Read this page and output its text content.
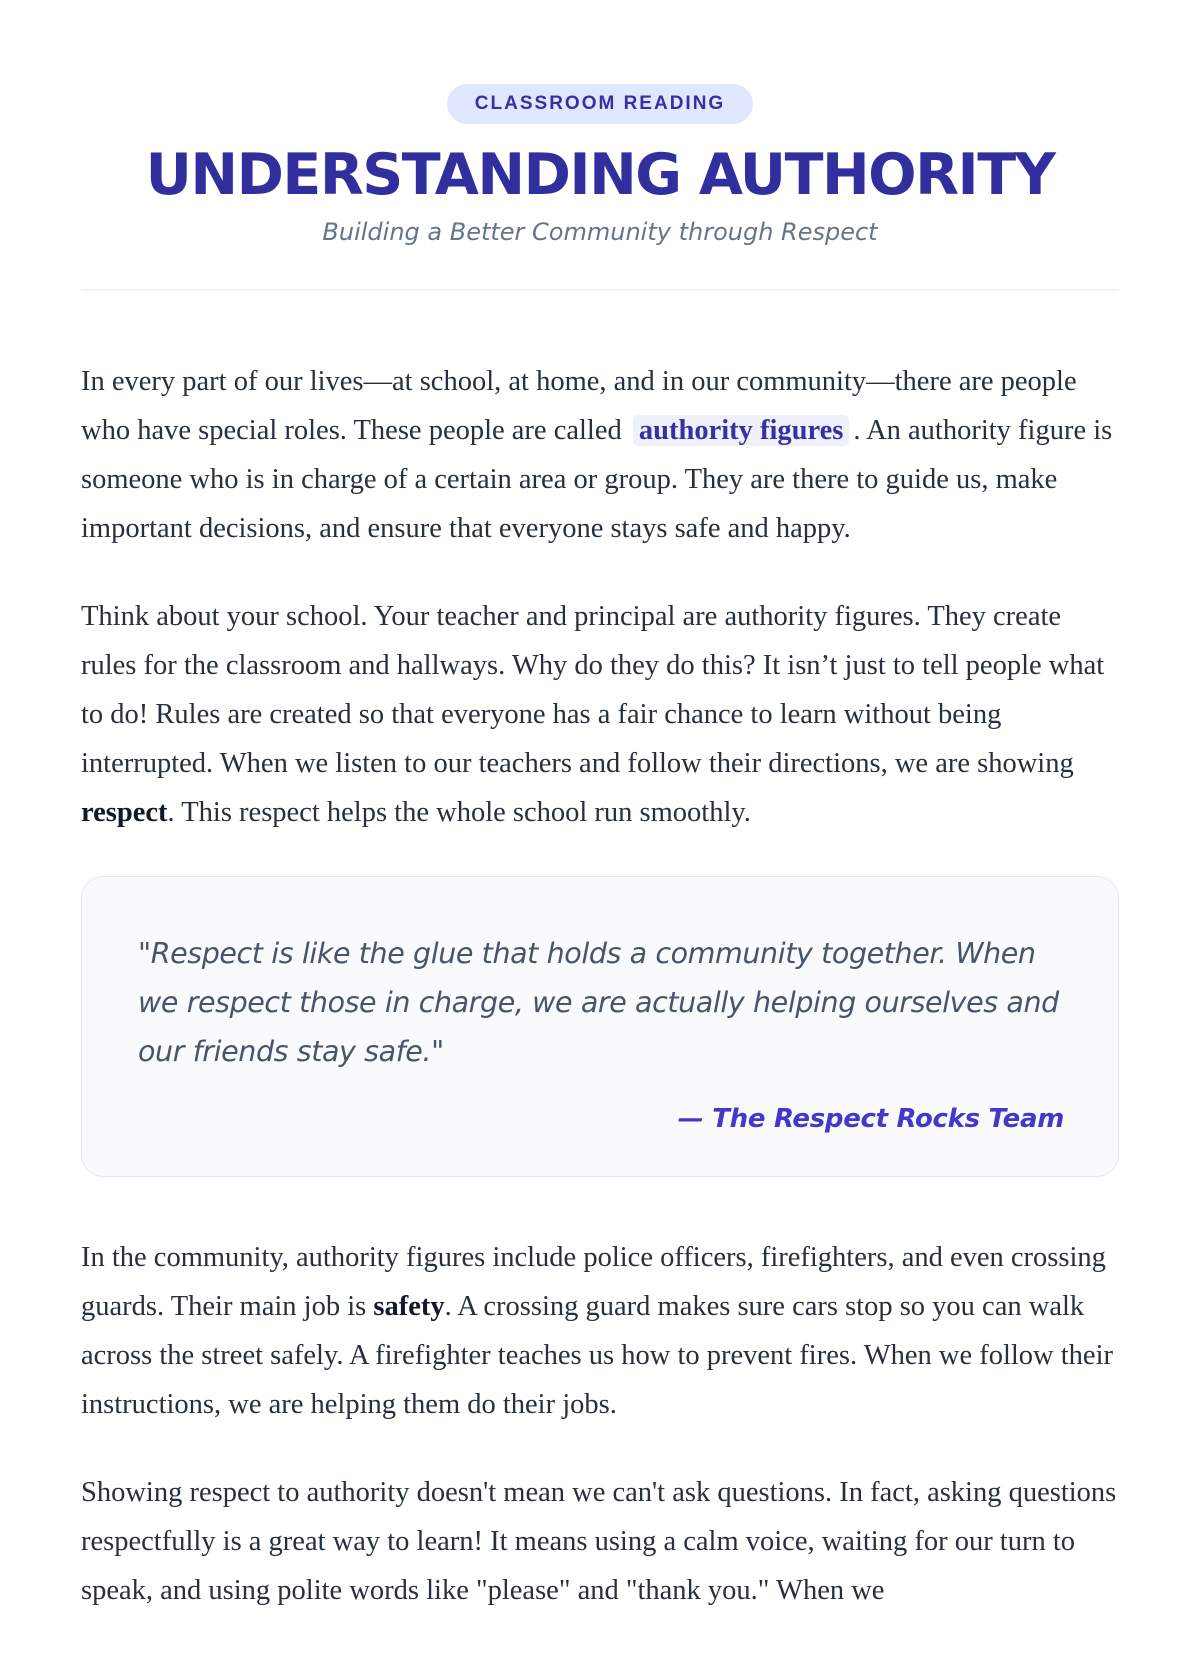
CLASSROOM READING
UNDERSTANDING AUTHORITY
Building a Better Community through Respect

In every part of our lives—at school, at home, and in our community—there are people who have special roles. These people are called authority figures . An authority figure is someone who is in charge of a certain area or group. They are there to guide us, make important decisions, and ensure that everyone stays safe and happy.

Think about your school. Your teacher and principal are authority figures. They create rules for the classroom and hallways. Why do they do this? It isn’t just to tell people what to do! Rules are created so that everyone has a fair chance to learn without being interrupted. When we listen to our teachers and follow their directions, we are showing respect. This respect helps the whole school run smoothly.

"Respect is like the glue that holds a community together. When we respect those in charge, we are actually helping ourselves and our friends stay safe."
— The Respect Rocks Team

In the community, authority figures include police officers, firefighters, and even crossing guards. Their main job is safety. A crossing guard makes sure cars stop so you can walk across the street safely. A firefighter teaches us how to prevent fires. When we follow their instructions, we are helping them do their jobs.

Showing respect to authority doesn't mean we can't ask questions. In fact, asking questions respectfully is a great way to learn! It means using a calm voice, waiting for our turn to speak, and using polite words like "please" and "thank you." When we
